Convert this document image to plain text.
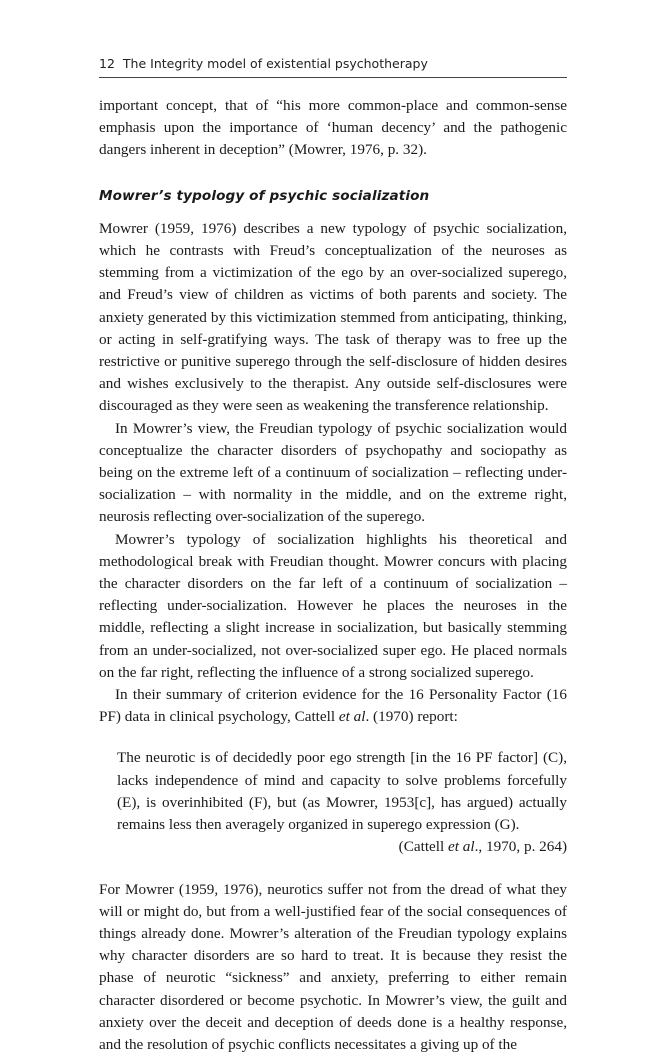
12 The Integrity model of existential psychotherapy

important concept, that of “his more common-place and common-sense emphasis upon the importance of ‘human decency’ and the pathogenic dangers inherent in deception” (Mowrer, 1976, p. 32).

Mowrer’s typology of psychic socialization

Mowrer (1959, 1976) describes a new typology of psychic socialization, which he contrasts with Freud’s conceptualization of the neuroses as stemming from a victimization of the ego by an over-socialized superego, and Freud’s view of children as victims of both parents and society. The anxiety generated by this victimization stemmed from anticipating, thinking, or acting in self-gratifying ways. The task of therapy was to free up the restrictive or punitive superego through the self-disclosure of hidden desires and wishes exclusively to the therapist. Any outside self-disclosures were discouraged as they were seen as weakening the transference relationship.

In Mowrer’s view, the Freudian typology of psychic socialization would conceptualize the character disorders of psychopathy and sociopathy as being on the extreme left of a continuum of socialization – reflecting under-socialization – with normality in the middle, and on the extreme right, neurosis reflecting over-socialization of the superego.

Mowrer’s typology of socialization highlights his theoretical and methodological break with Freudian thought. Mowrer concurs with placing the character disorders on the far left of a continuum of socialization – reflecting under-socialization. However he places the neuroses in the middle, reflecting a slight increase in socialization, but basically stemming from an under-socialized, not over-socialized super ego. He placed normals on the far right, reflecting the influence of a strong socialized superego.

In their summary of criterion evidence for the 16 Personality Factor (16 PF) data in clinical psychology, Cattell et al. (1970) report:

The neurotic is of decidedly poor ego strength [in the 16 PF factor] (C), lacks independence of mind and capacity to solve problems forcefully (E), is overinhibited (F), but (as Mowrer, 1953[c], has argued) actually remains less then averagely organized in superego expression (G).

(Cattell et al., 1970, p. 264)

For Mowrer (1959, 1976), neurotics suffer not from the dread of what they will or might do, but from a well-justified fear of the social consequences of things already done. Mowrer’s alteration of the Freudian typology explains why character disorders are so hard to treat. It is because they resist the phase of neurotic “sickness” and anxiety, preferring to either remain character disordered or become psychotic. In Mowrer’s view, the guilt and anxiety over the deceit and deception of deeds done is a healthy response, and the resolution of psychic conflicts necessitates a giving up of the
